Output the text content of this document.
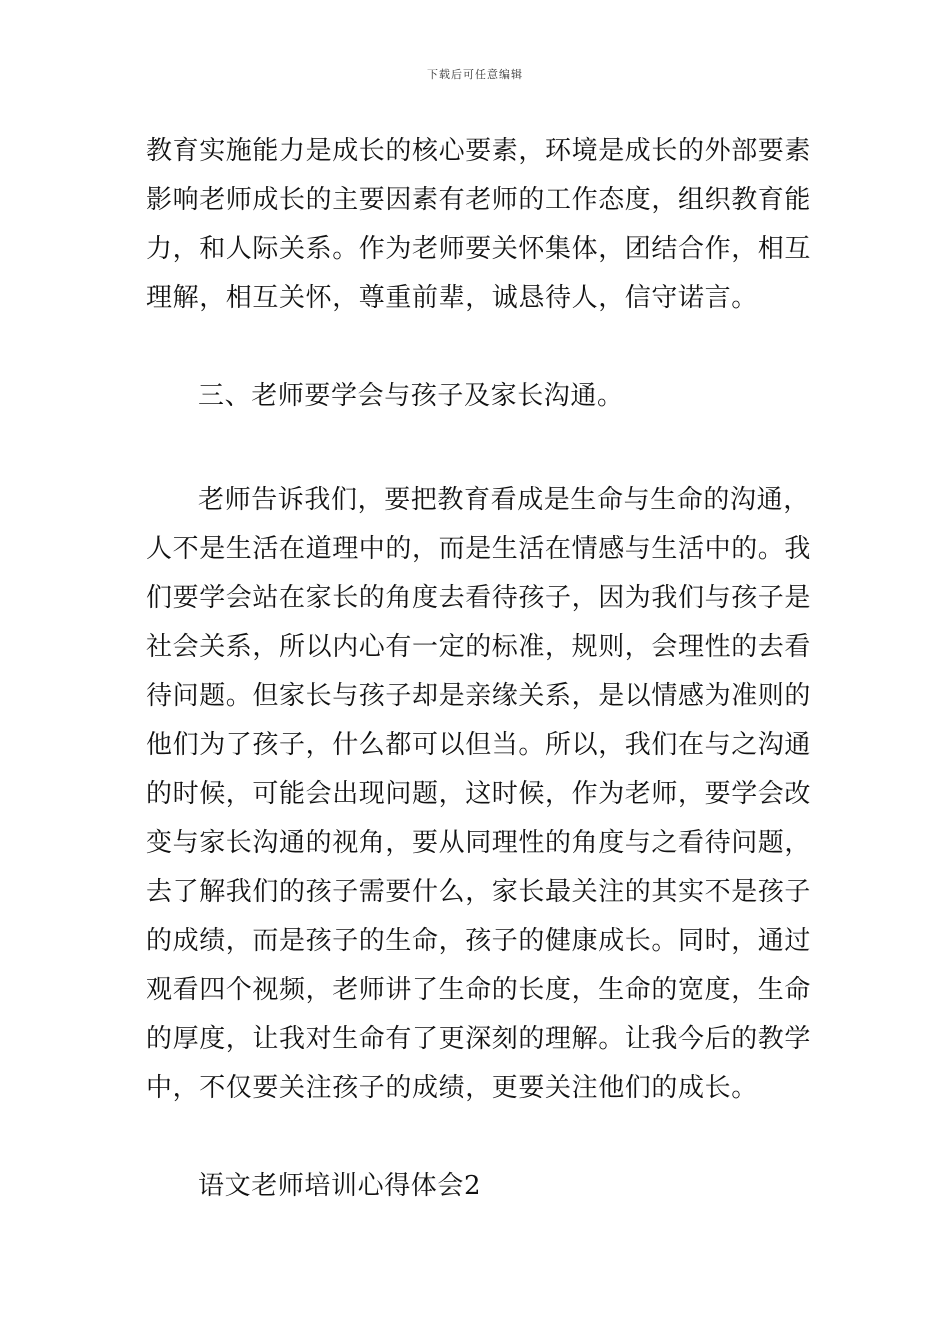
下载后可任意编辑
教育实施能力是成长的核心要素，环境是成长的外部要素
影响老师成长的主要因素有老师的工作态度，组织教育能
力，和人际关系。作为老师要关怀集体，团结合作，相互
理解，相互关怀，尊重前辈，诚恳待人，信守诺言。
三、老师要学会与孩子及家长沟通。
老师告诉我们，要把教育看成是生命与生命的沟通，
人不是生活在道理中的，而是生活在情感与生活中的。我
们要学会站在家长的角度去看待孩子，因为我们与孩子是
社会关系，所以内心有一定的标准，规则，会理性的去看
待问题。但家长与孩子却是亲缘关系，是以情感为准则的
他们为了孩子，什么都可以但当。所以，我们在与之沟通
的时候，可能会出现问题，这时候，作为老师，要学会改
变与家长沟通的视角，要从同理性的角度与之看待问题，
去了解我们的孩子需要什么，家长最关注的其实不是孩子
的成绩，而是孩子的生命，孩子的健康成长。同时，通过
观看四个视频，老师讲了生命的长度，生命的宽度，生命
的厚度，让我对生命有了更深刻的理解。让我今后的教学
中，不仅要关注孩子的成绩，更要关注他们的成长。
语文老师培训心得体会2
